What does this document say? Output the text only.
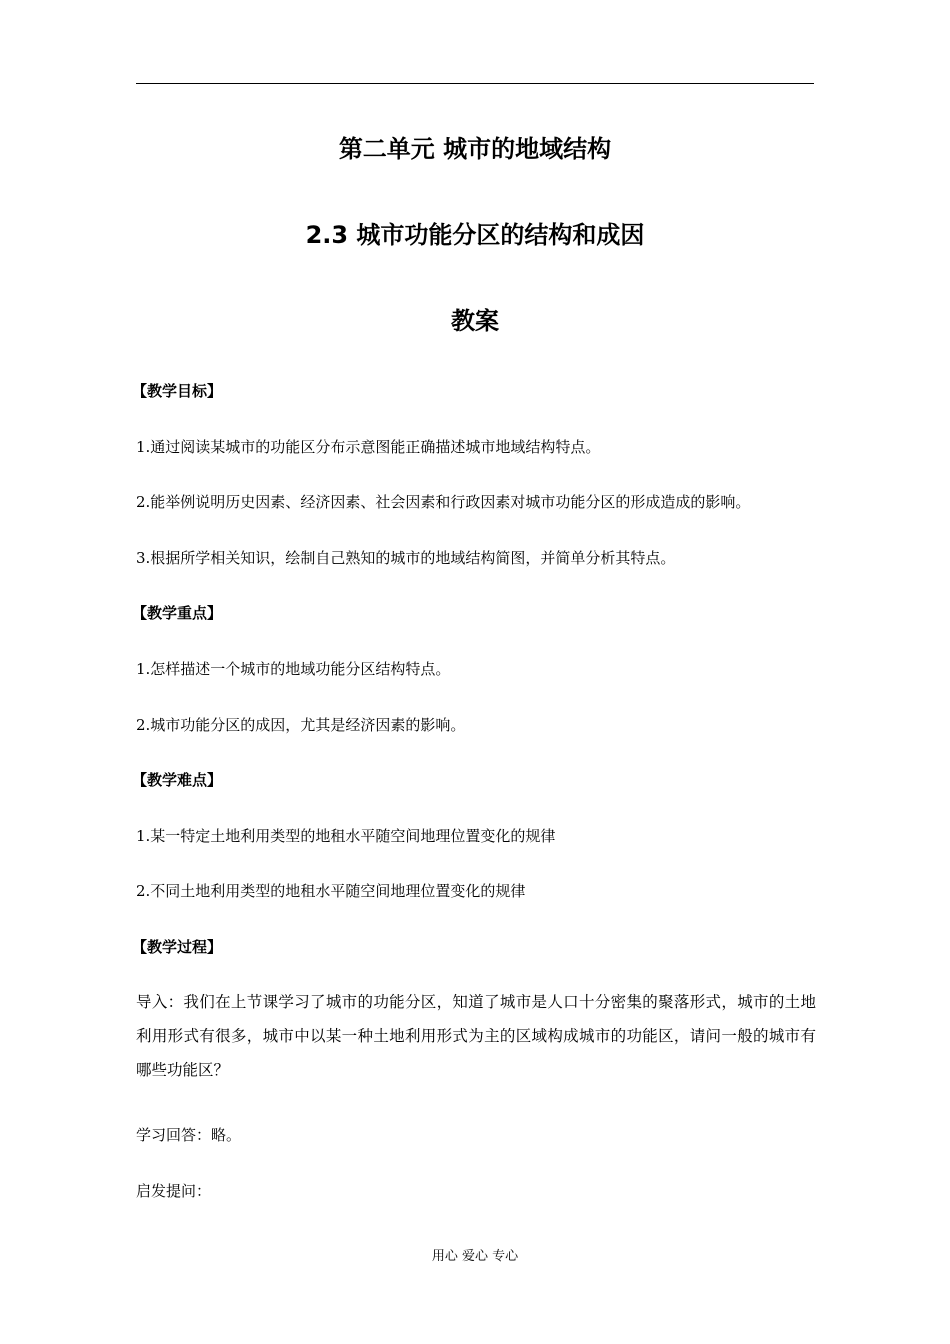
第二单元 城市的地域结构
2.3 城市功能分区的结构和成因
教案
【教学目标】
1.通过阅读某城市的功能区分布示意图能正确描述城市地域结构特点。
2.能举例说明历史因素、经济因素、社会因素和行政因素对城市功能分区的形成造成的影响。
3.根据所学相关知识，绘制自己熟知的城市的地域结构简图，并简单分析其特点。
【教学重点】
1.怎样描述一个城市的地域功能分区结构特点。
2.城市功能分区的成因，尤其是经济因素的影响。
【教学难点】
1.某一特定土地利用类型的地租水平随空间地理位置变化的规律
2.不同土地利用类型的地租水平随空间地理位置变化的规律
【教学过程】
导入：我们在上节课学习了城市的功能分区，知道了城市是人口十分密集的聚落形式，城市的土地利用形式有很多，城市中以某一种土地利用形式为主的区域构成城市的功能区，请问一般的城市有哪些功能区？
学习回答：略。
启发提问：
用心 爱心 专心
